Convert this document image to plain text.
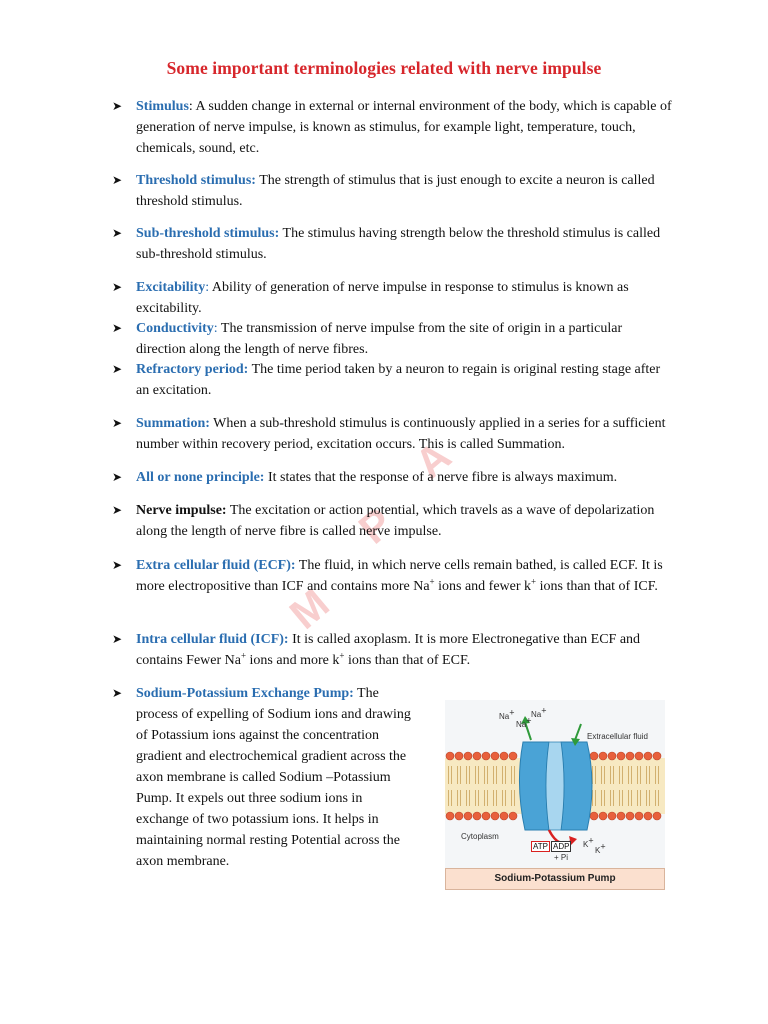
Some important terminologies related with nerve impulse
M
P
A
➤ Stimulus: A sudden change in external or internal environment of the body, which is capable of generation of nerve impulse, is known as stimulus, for example light, temperature, touch, chemicals, sound, etc.
➤ Threshold stimulus: The strength of stimulus that is just enough to excite a neuron is called threshold stimulus.
➤ Sub-threshold stimulus: The stimulus having strength below the threshold stimulus is called sub-threshold stimulus.
➤ Excitability: Ability of generation of nerve impulse in response to stimulus is known as excitability.
➤ Conductivity: The transmission of nerve impulse from the site of origin in a particular direction along the length of nerve fibres.
➤ Refractory period: The time period taken by a neuron to regain is original resting stage after an excitation.
➤ Summation: When a sub-threshold stimulus is continuously applied in a series for a sufficient number within recovery period, excitation occurs. This is called Summation.
➤ All or none principle: It states that the response of a nerve fibre is always maximum.
➤ Nerve impulse: The excitation or action potential, which travels as a wave of depolarization along the length of nerve fibre is called nerve impulse.
➤ Extra cellular fluid (ECF): The fluid, in which nerve cells remain bathed, is called ECF. It is more electropositive than ICF and contains more Na+ ions and fewer k+ ions than that of ICF.
➤ Intra cellular fluid (ICF): It is called axoplasm. It is more Electronegative than ECF and contains Fewer Na+ ions and more k+ ions than that of ECF.
➤ Sodium-Potassium Exchange Pump: The process of expelling of Sodium ions and drawing of Potassium ions against the concentration gradient and electrochemical gradient across the axon membrane is called Sodium –Potassium Pump. It expels out three sodium ions in exchange of two potassium ions. It helps in maintaining normal resting Potential across the axon membrane.
Na+
Na+
Na+
Extracellular fluid
Cytoplasm
ATP ADP
+ Pi
K+
K+
Sodium-Potassium Pump
